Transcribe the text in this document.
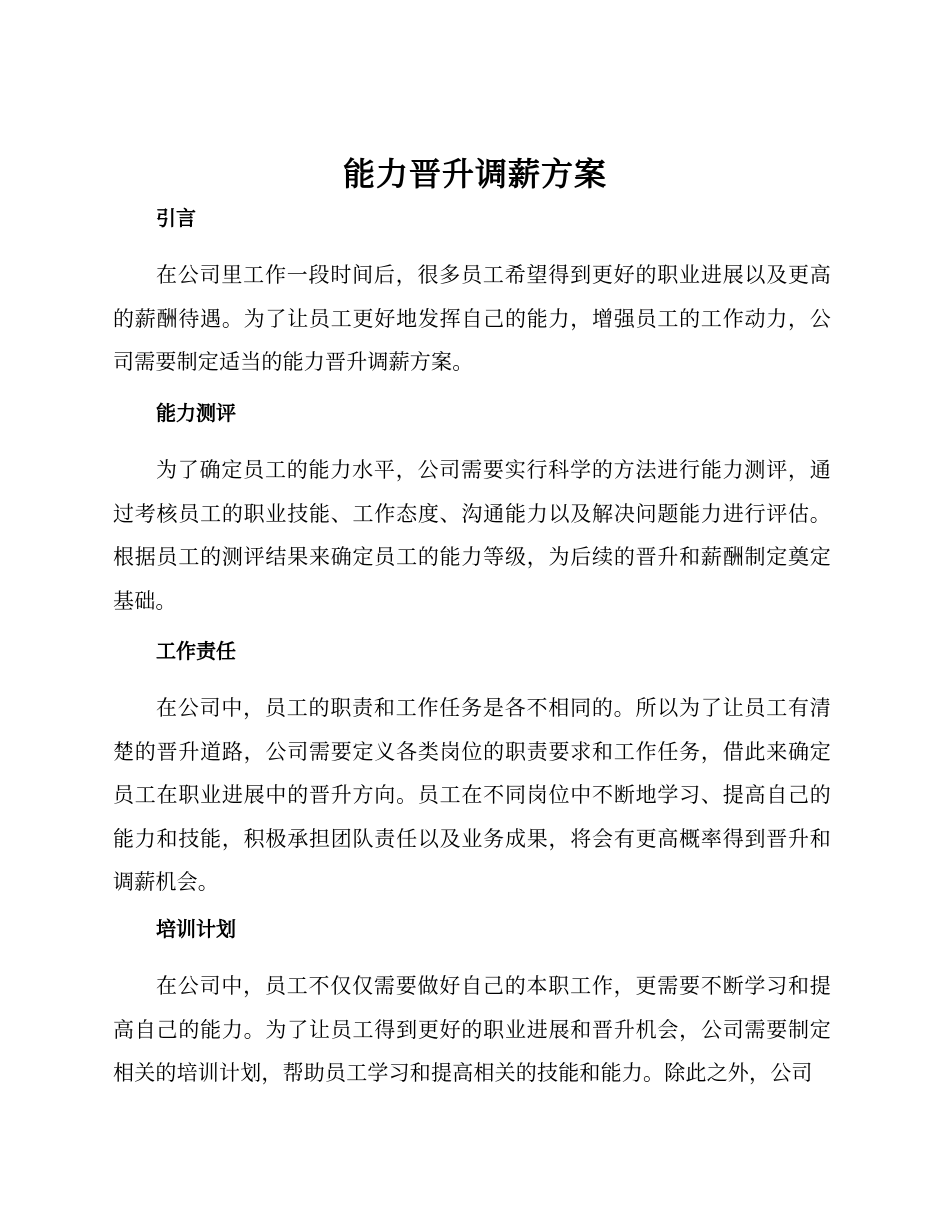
能力晋升调薪方案
引言

在公司里工作一段时间后，很多员工希望得到更好的职业进展以及更高的薪酬待遇。为了让员工更好地发挥自己的能力，增强员工的工作动力，公司需要制定适当的能力晋升调薪方案。

能力测评

为了确定员工的能力水平，公司需要实行科学的方法进行能力测评，通过考核员工的职业技能、工作态度、沟通能力以及解决问题能力进行评估。根据员工的测评结果来确定员工的能力等级，为后续的晋升和薪酬制定奠定基础。

工作责任

在公司中，员工的职责和工作任务是各不相同的。所以为了让员工有清楚的晋升道路，公司需要定义各类岗位的职责要求和工作任务，借此来确定员工在职业进展中的晋升方向。员工在不同岗位中不断地学习、提高自己的能力和技能，积极承担团队责任以及业务成果，将会有更高概率得到晋升和调薪机会。

培训计划

在公司中，员工不仅仅需要做好自己的本职工作，更需要不断学习和提高自己的能力。为了让员工得到更好的职业进展和晋升机会，公司需要制定相关的培训计划，帮助员工学习和提高相关的技能和能力。除此之外，公司
